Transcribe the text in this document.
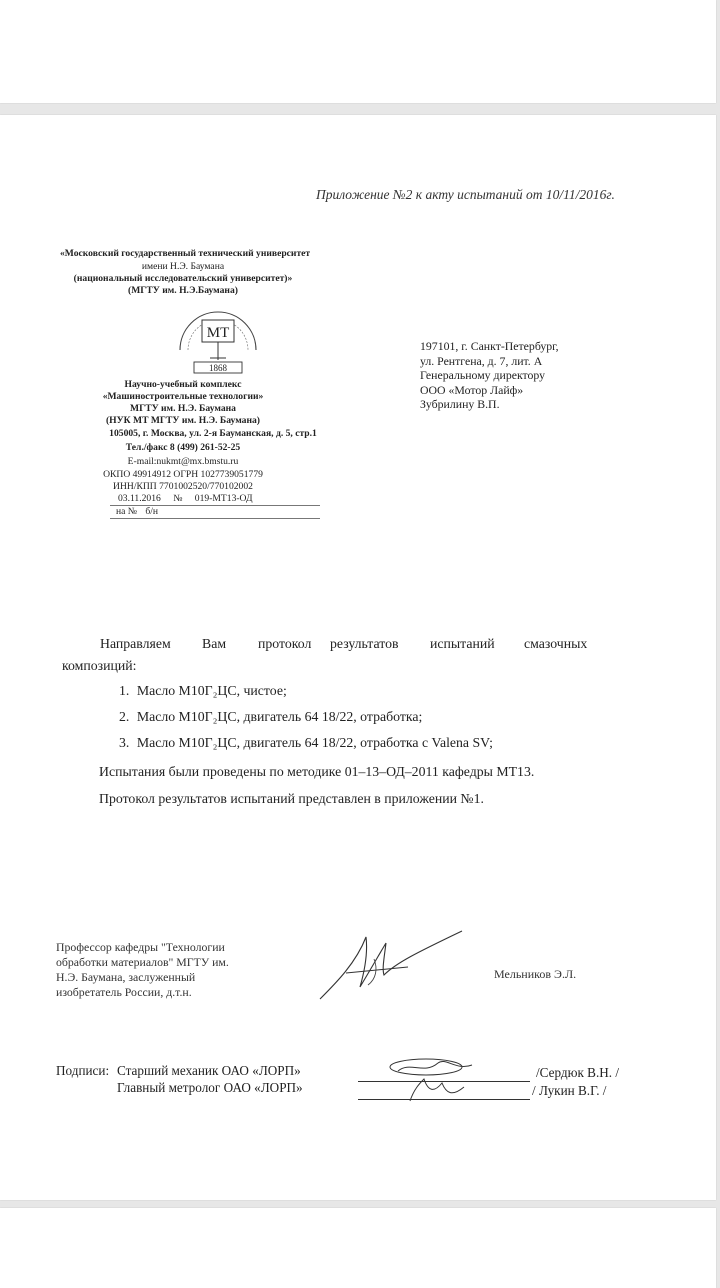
Приложение №2 к акту испытаний от 10/11/2016г.
«Московский государственный технический университет
имени Н.Э. Баумана
(национальный исследовательский университет)»
(МГТУ им. Н.Э.Баумана)
МТ
1868
Научно-учебный комплекс
«Машиностроительные технологии»
МГТУ им. Н.Э. Баумана
(НУК МТ МГТУ им. Н.Э. Баумана)
105005, г. Москва, ул. 2-я Бауманская, д. 5, стр.1
Тел./факс 8 (499) 261-52-25
E-mail:nukmt@mx.bmstu.ru
ОКПО 49914912 ОГРН 1027739051779
ИНН/КПП 7701002520/770102002
03.11.2016 № 019-МТ13-ОД
на № б/н
197101, г. Санкт-Петербург,
ул. Рентгена, д. 7, лит. А
Генеральному директору
ООО «Мотор Лайф»
Зубрилину В.П.
Направляем Вам протокол результатов испытаний смазочных
композиций:
1. Масло М10Г₂ЦС, чистое;
2. Масло М10Г₂ЦС, двигатель 64 18/22, отработка;
3. Масло М10Г₂ЦС, двигатель 64 18/22, отработка с Valena SV;
Испытания были проведены по методике 01–13–ОД–2011 кафедры МТ13.
Протокол результатов испытаний представлен в приложении №1.
Профессор кафедры "Технологии
обработки материалов" МГТУ им.
Н.Э. Баумана, заслуженный
изобретатель России, д.т.н.
Мельников Э.Л.
Подписи: Старший механик ОАО «ЛОРП»
Главный метролог ОАО «ЛОРП»
/Сердюк В.Н. /
/ Лукин В.Г. /
